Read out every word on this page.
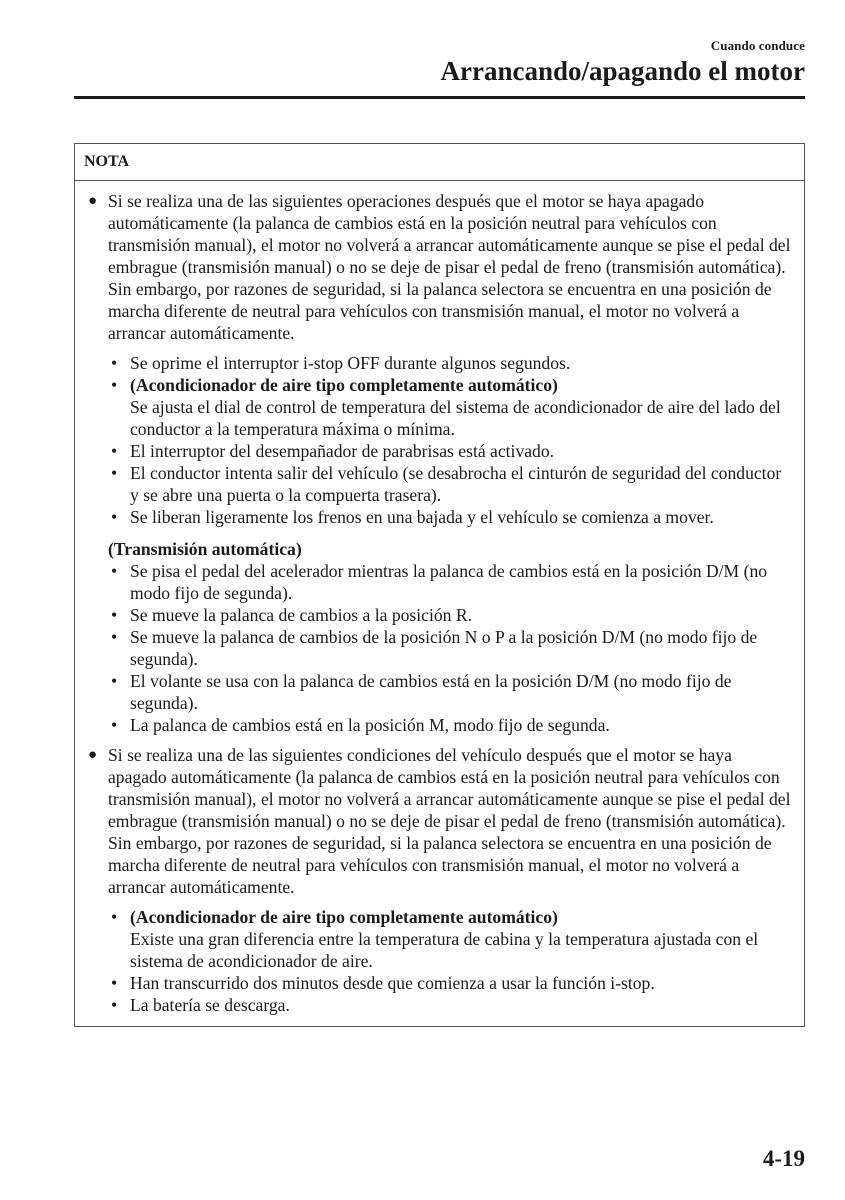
Cuando conduce
Arrancando/apagando el motor
NOTA
● Si se realiza una de las siguientes operaciones después que el motor se haya apagado automáticamente (la palanca de cambios está en la posición neutral para vehículos con transmisión manual), el motor no volverá a arrancar automáticamente aunque se pise el pedal del embrague (transmisión manual) o no se deje de pisar el pedal de freno (transmisión automática). Sin embargo, por razones de seguridad, si la palanca selectora se encuentra en una posición de marcha diferente de neutral para vehículos con transmisión manual, el motor no volverá a arrancar automáticamente.
• Se oprime el interruptor i-stop OFF durante algunos segundos.
• (Acondicionador de aire tipo completamente automático)
Se ajusta el dial de control de temperatura del sistema de acondicionador de aire del lado del conductor a la temperatura máxima o mínima.
• El interruptor del desempañador de parabrisas está activado.
• El conductor intenta salir del vehículo (se desabrocha el cinturón de seguridad del conductor y se abre una puerta o la compuerta trasera).
• Se liberan ligeramente los frenos en una bajada y el vehículo se comienza a mover.
(Transmisión automática)
• Se pisa el pedal del acelerador mientras la palanca de cambios está en la posición D/M (no modo fijo de segunda).
• Se mueve la palanca de cambios a la posición R.
• Se mueve la palanca de cambios de la posición N o P a la posición D/M (no modo fijo de segunda).
• El volante se usa con la palanca de cambios está en la posición D/M (no modo fijo de segunda).
• La palanca de cambios está en la posición M, modo fijo de segunda.
● Si se realiza una de las siguientes condiciones del vehículo después que el motor se haya apagado automáticamente (la palanca de cambios está en la posición neutral para vehículos con transmisión manual), el motor no volverá a arrancar automáticamente aunque se pise el pedal del embrague (transmisión manual) o no se deje de pisar el pedal de freno (transmisión automática). Sin embargo, por razones de seguridad, si la palanca selectora se encuentra en una posición de marcha diferente de neutral para vehículos con transmisión manual, el motor no volverá a arrancar automáticamente.
• (Acondicionador de aire tipo completamente automático)
Existe una gran diferencia entre la temperatura de cabina y la temperatura ajustada con el sistema de acondicionador de aire.
• Han transcurrido dos minutos desde que comienza a usar la función i-stop.
• La batería se descarga.
4-19
